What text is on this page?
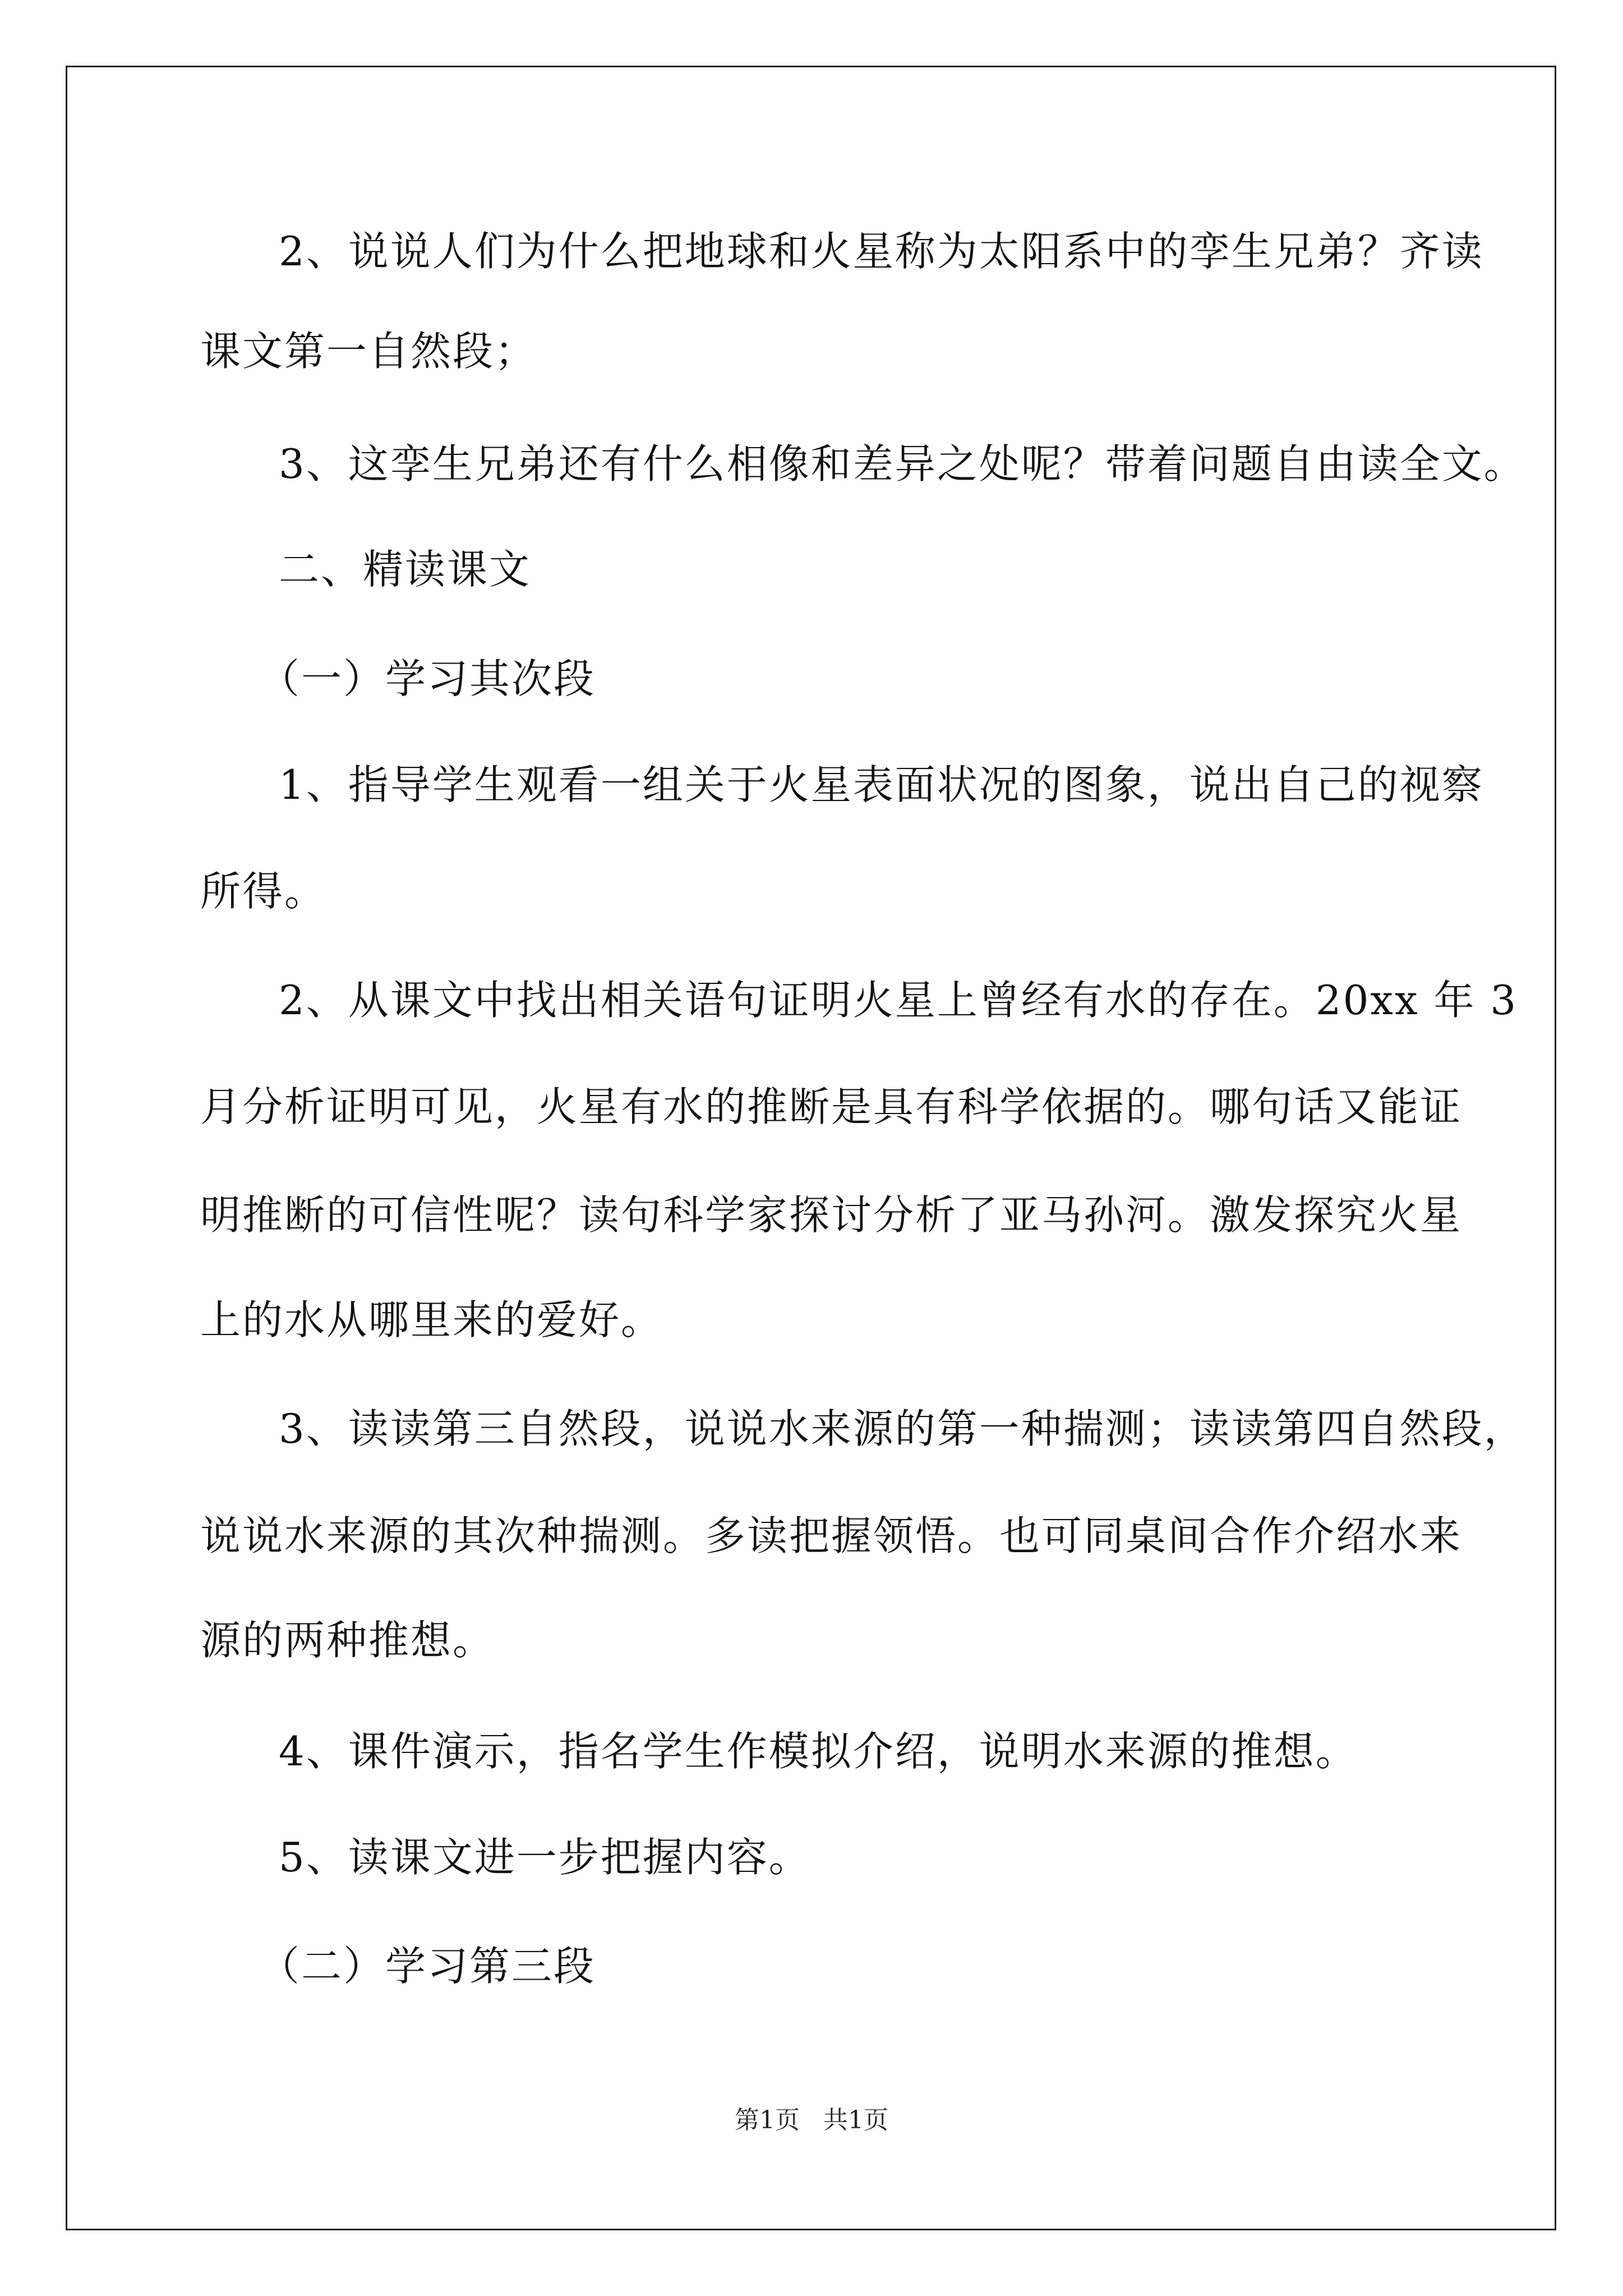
2、说说人们为什么把地球和火星称为太阳系中的孪生兄弟？齐读

课文第一自然段；

3、这孪生兄弟还有什么相像和差异之处呢？带着问题自由读全文。

二、精读课文

（一）学习其次段

1、指导学生观看一组关于火星表面状况的图象，说出自己的视察

所得。

2、从课文中找出相关语句证明火星上曾经有水的存在。20xx 年 3

月分析证明可见，火星有水的推断是具有科学依据的。哪句话又能证

明推断的可信性呢？读句科学家探讨分析了亚马孙河。激发探究火星

上的水从哪里来的爱好。

3、读读第三自然段，说说水来源的第一种揣测；读读第四自然段，

说说水来源的其次种揣测。多读把握领悟。也可同桌间合作介绍水来

源的两种推想。

4、课件演示，指名学生作模拟介绍，说明水来源的推想。

5、读课文进一步把握内容。

（二）学习第三段

第1页   共1页
